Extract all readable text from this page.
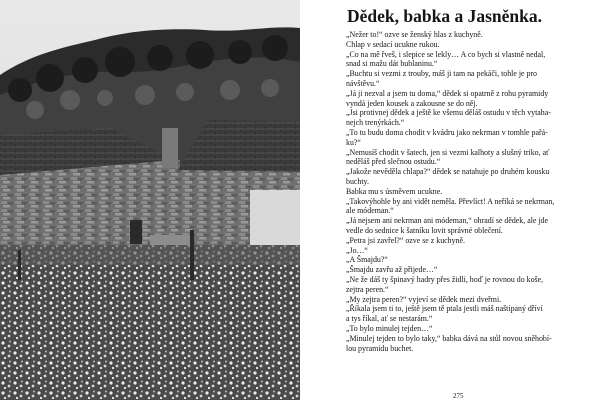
Dědek, babka a Jasněnka.
„Nežer to!“ ozve se ženský hlas z kuchyně.
Chlap v sedací ucukne rukou.
„Co na mě řveš, i slepice se lekly… A co bych si vlastně nedal,
snad si mažu dát bublaninu.“
„Buchtu si vezmi z trouby, máš ji tam na pekáči, tohle je pro
návštěvu.“
„Já ji nezval a jsem tu doma,“ dědek si opatrně z rohu pyramidy
vyndá jeden kousek a zakousne se do něj.
„Jsi protivnej dědek a ještě ke všemu děláš ostudu v těch vytaha-
nejch trenýrkách.“
„To tu budu doma chodit v kvádru jako nekrman v tomhle pařá-
ku?“
„Nemusíš chodit v šatech, jen si vezmi kalhoty a slušný triko, ať
neděláš před slečnou ostudu.“
„Jakože nevěděla chlapa?“ dědek se natahuje po druhém kousku
buchty.
Babka mu s úsměvem ucukne.
„Takovýhohle by ani vidět neměla. Převlíct! A neříká se nekrman,
ale módeman.“
„Já nejsem ani nekrman ani módeman,“ ohradí se dědek, ale jde
vedle do sednice k šatníku lovit správné oblečení.
„Petra jsi zavřel?“ ozve se z kuchyně.
„Jo…“
„A Šmajdu?“
„Šmajdu zavřu až přijede…“
„Ne že dáš ty špinavý hadry přes židli, hoď je rovnou do koše,
zejtra peren.“
„My zejtra peren?“ vyjeví se dědek mezi dveřmi.
„Říkala jsem ti to, ještě jsem tě ptala jestli máš naštípaný dříví
a tys říkal, ať se nestarám.“
„To bylo minulej tejden…“
„Minulej tejden to bylo taky,“ babka dává na stůl novou sněhobí-
lou pyramidu buchet.
275
